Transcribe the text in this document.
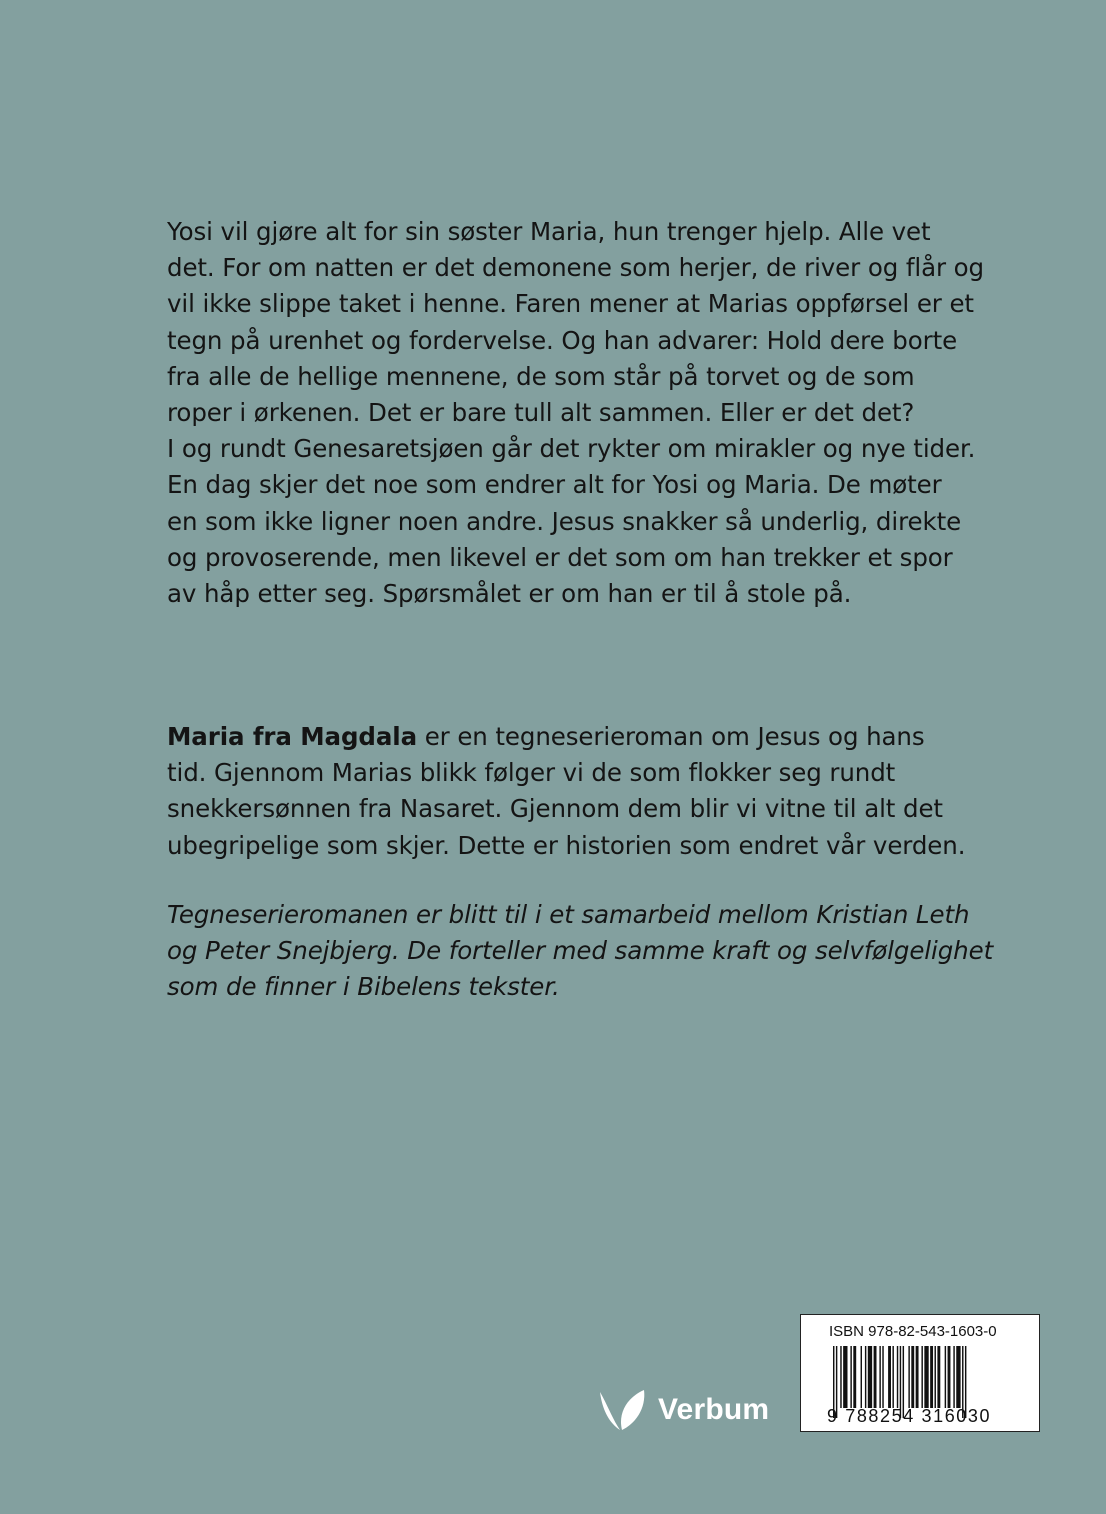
Yosi vil gjøre alt for sin søster Maria, hun trenger hjelp. Alle vet
det. For om natten er det demonene som herjer, de river og flår og
vil ikke slippe taket i henne. Faren mener at Marias oppførsel er et
tegn på urenhet og fordervelse. Og han advarer: Hold dere borte
fra alle de hellige mennene, de som står på torvet og de som
roper i ørkenen. Det er bare tull alt sammen. Eller er det det?
I og rundt Genesaretsjøen går det rykter om mirakler og nye tider.
En dag skjer det noe som endrer alt for Yosi og Maria. De møter
en som ikke ligner noen andre. Jesus snakker så underlig, direkte
og provoserende, men likevel er det som om han trekker et spor
av håp etter seg. Spørsmålet er om han er til å stole på.
Maria fra Magdala er en tegneserieroman om Jesus og hans
tid. Gjennom Marias blikk følger vi de som flokker seg rundt
snekkersønnen fra Nasaret. Gjennom dem blir vi vitne til alt det
ubegripelige som skjer. Dette er historien som endret vår verden.
Tegneserieromanen er blitt til i et samarbeid mellom Kristian Leth
og Peter Snejbjerg. De forteller med samme kraft og selvfølgelighet
som de finner i Bibelens tekster.
Verbum
ISBN 978-82-543-1603-0
9 788254 316030
